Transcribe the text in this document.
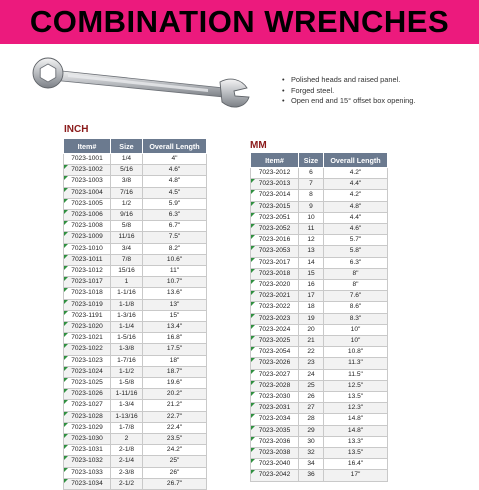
COMBINATION WRENCHES
• Polished heads and raised panel.
• Forged steel.
• Open end and 15° offset box opening.
INCH
Item#	Size	Overall Length
7023-1001	1/4	4"

7023-1002	5/16	4.6"

7023-1003	3/8	4.8"

7023-1004	7/16	4.5"

7023-1005	1/2	5.9"

7023-1006	9/16	6.3"

7023-1008	5/8	6.7"

7023-1009	11/16	7.5"

7023-1010	3/4	8.2"

7023-1011	7/8	10.6"

7023-1012	15/16	11"

7023-1017	1	10.7"

7023-1018	1-1/16	13.6"

7023-1019	1-1/8	13"

7023-1191	1-3/16	15"

7023-1020	1-1/4	13.4"

7023-1021	1-5/16	16.8"

7023-1022	1-3/8	17.5"

7023-1023	1-7/16	18"

7023-1024	1-1/2	18.7"

7023-1025	1-5/8	19.6"

7023-1026	1-11/16	20.2"

7023-1027	1-3/4	21.2"

7023-1028	1-13/16	22.7"

7023-1029	1-7/8	22.4"

7023-1030	2	23.5"

7023-1031	2-1/8	24.2"

7023-1032	2-1/4	25"

7023-1033	2-3/8	26"

7023-1034	2-1/2	26.7"
MM
Item#	Size	Overall Length
7023-2012	6	4.2"

7023-2013	7	4.4"

7023-2014	8	4.2"

7023-2015	9	4.8"

7023-2051	10	4.4"

7023-2052	11	4.6"

7023-2016	12	5.7"

7023-2053	13	5.8"

7023-2017	14	6.3"

7023-2018	15	8"

7023-2020	16	8"

7023-2021	17	7.6"

7023-2022	18	8.6"

7023-2023	19	8.3"

7023-2024	20	10"

7023-2025	21	10"

7023-2054	22	10.8"

7023-2026	23	11.3"

7023-2027	24	11.5"

7023-2028	25	12.5"

7023-2030	26	13.5"

7023-2031	27	12.3"

7023-2034	28	14.8"

7023-2035	29	14.8"

7023-2036	30	13.3"

7023-2038	32	13.5"

7023-2040	34	16.4"

7023-2042	36	17"
